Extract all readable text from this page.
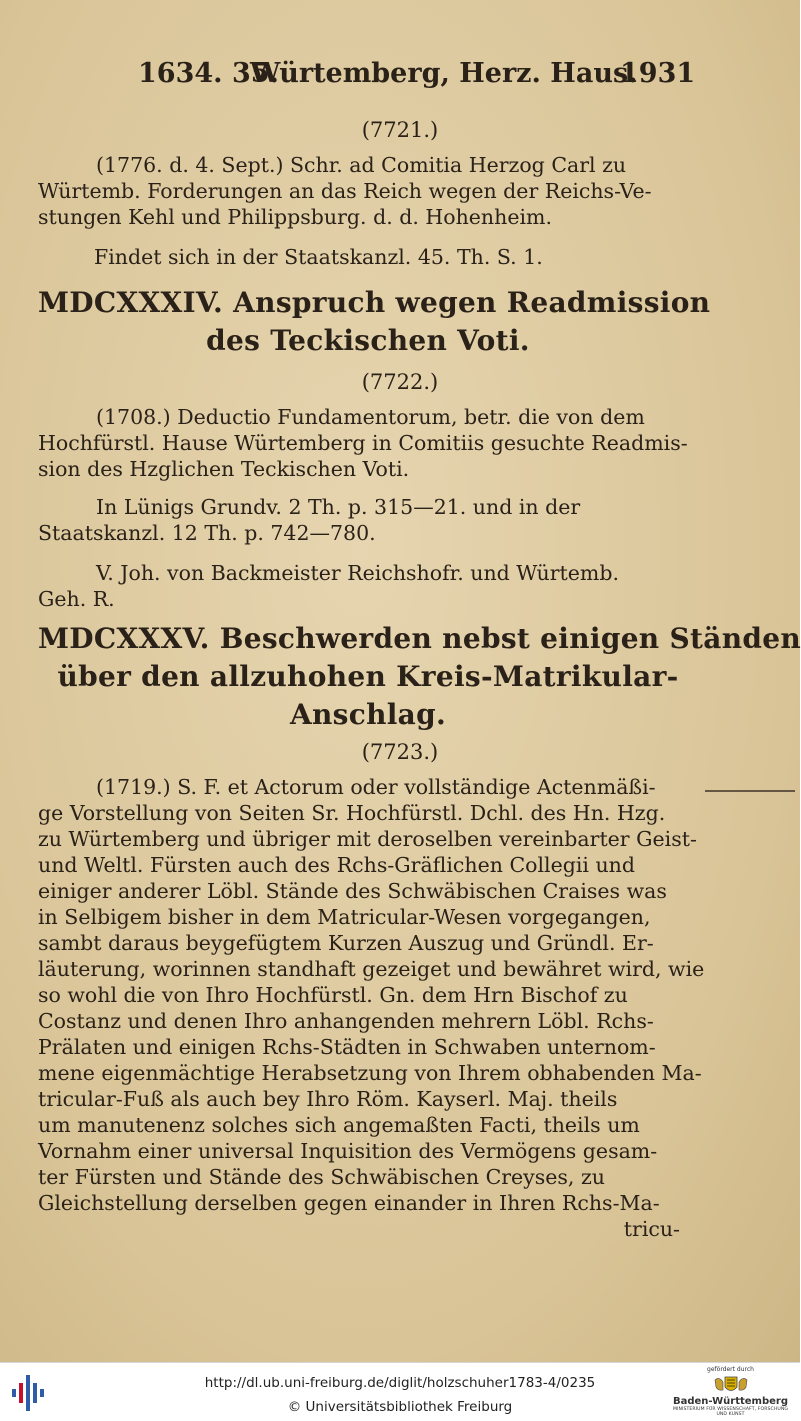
1634. 35.
Würtemberg, Herz. Haus.
1931
(7721.)
(1776. d. 4. Sept.) Schr. ad Comitia Herzog Carl zu
Würtemb. Forderungen an das Reich wegen der Reichs-Ve-
stungen Kehl und Philippsburg. d. d. Hohenheim.
Findet sich in der Staatskanzl. 45. Th. S. 1.
MDCXXXIV. Anspruch wegen Readmission
des Teckischen Voti.
(7722.)
(1708.) Deductio Fundamentorum, betr. die von dem
Hochfürstl. Hause Würtemberg in Comitiis gesuchte Readmis-
sion des Hzglichen Teckischen Voti.
In Lünigs Grundv. 2 Th. p. 315—21. und in der
Staatskanzl. 12 Th. p. 742—780.
V. Joh. von Backmeister Reichshofr. und Würtemb.
Geh. R.
MDCXXXV. Beschwerden nebst einigen Ständen
über den allzuhohen Kreis-Matrikular-
Anschlag.
(7723.)
(1719.) S. F. et Actorum oder vollständige Actenmäßi-
ge Vorstellung von Seiten Sr. Hochfürstl. Dchl. des Hn. Hzg.
zu Würtemberg und übriger mit deroselben vereinbarter Geist-
und Weltl. Fürsten auch des Rchs-Gräflichen Collegii und
einiger anderer Löbl. Stände des Schwäbischen Craises was
in Selbigem bisher in dem Matricular-Wesen vorgegangen,
sambt daraus beygefügtem Kurzen Auszug und Gründl. Er-
läuterung, worinnen standhaft gezeiget und bewähret wird, wie
so wohl die von Ihro Hochfürstl. Gn. dem Hrn Bischof zu
Costanz und denen Ihro anhangenden mehrern Löbl. Rchs-
Prälaten und einigen Rchs-Städten in Schwaben unternom-
mene eigenmächtige Herabsetzung von Ihrem obhabenden Ma-
tricular-Fuß als auch bey Ihro Röm. Kayserl. Maj. theils
um manutenenz solches sich angemaßten Facti, theils um
Vornahm einer universal Inquisition des Vermögens gesam-
ter Fürsten und Stände des Schwäbischen Creyses, zu
Gleichstellung derselben gegen einander in Ihren Rchs-Ma-
tricu-
http://dl.ub.uni-freiburg.de/diglit/holzschuher1783-4/0235
© Universitätsbibliothek Freiburg
gefördert durch
Baden-Württemberg
MINISTERIUM FÜR WISSENSCHAFT, FORSCHUNG UND KUNST
